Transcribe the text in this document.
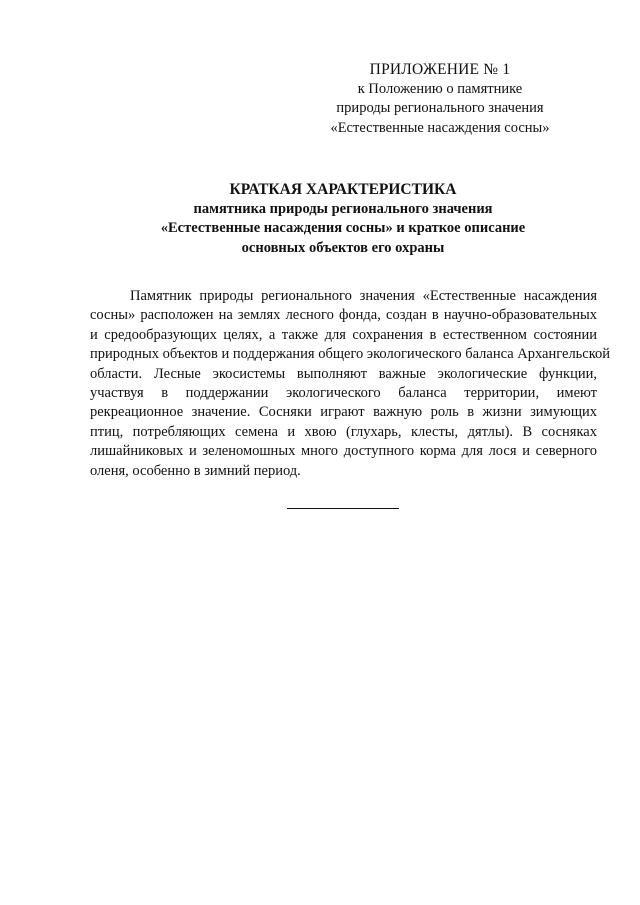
ПРИЛОЖЕНИЕ № 1
к Положению о памятнике
природы регионального значения
«Естественные насаждения сосны»
КРАТКАЯ ХАРАКТЕРИСТИКА
памятника природы регионального значения
«Естественные насаждения сосны» и краткое описание
основных объектов его охраны
Памятник природы регионального значения «Естественные насаждения
сосны» расположен на землях лесного фонда, создан в научно-образовательных
и средообразующих целях, а также для сохранения в естественном состоянии
природных объектов и поддержания общего экологического баланса Архангельской
области. Лесные экосистемы выполняют важные экологические функции,
участвуя в поддержании экологического баланса территории, имеют
рекреационное значение. Сосняки играют важную роль в жизни зимующих
птиц, потребляющих семена и хвою (глухарь, клесты, дятлы). В сосняках
лишайниковых и зеленомошных много доступного корма для лося и северного
оленя, особенно в зимний период.
